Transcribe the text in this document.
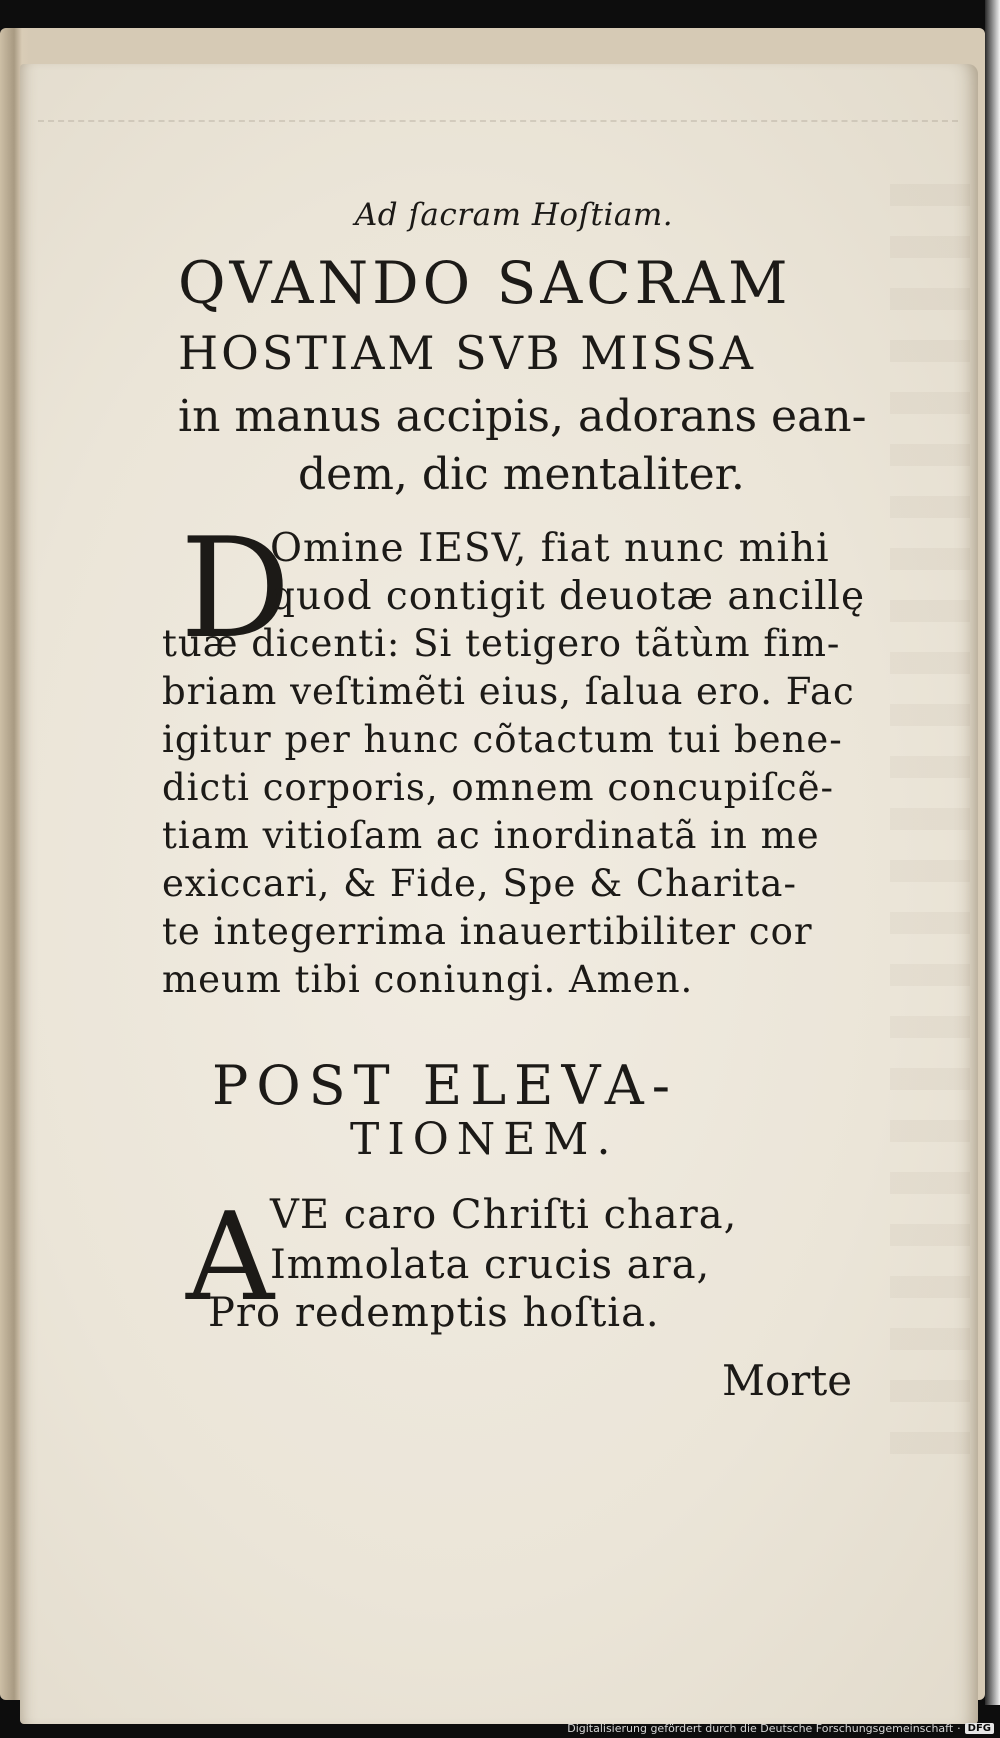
Ad ſacram Hoſtiam.
QVANDO SACRAM
HOSTIAM SVB MISSA
in manus accipis, adorans ean-
dem, dic mentaliter.
D
Omine IESV, fiat nunc mihi
quod contigit deuotæ ancillę
tuæ dicenti: Si tetigero tãtùm fim-
briam veſtimẽti eius, ſalua ero. Fac
igitur per hunc cõtactum tui bene-
dicti corporis, omnem concupiſcẽ-
tiam vitioſam ac inordinatã in me
exiccari, & Fide, Spe & Charita-
te integerrima inauertibiliter cor
meum tibi coniungi. Amen.
POST ELEVA-
TIONEM.
A
VE caro Chriſti chara,
Immolata crucis ara,
Pro redemptis hoſtia.
Morte
Digitalisierung gefördert durch die Deutsche Forschungsgemeinschaft · DFG
